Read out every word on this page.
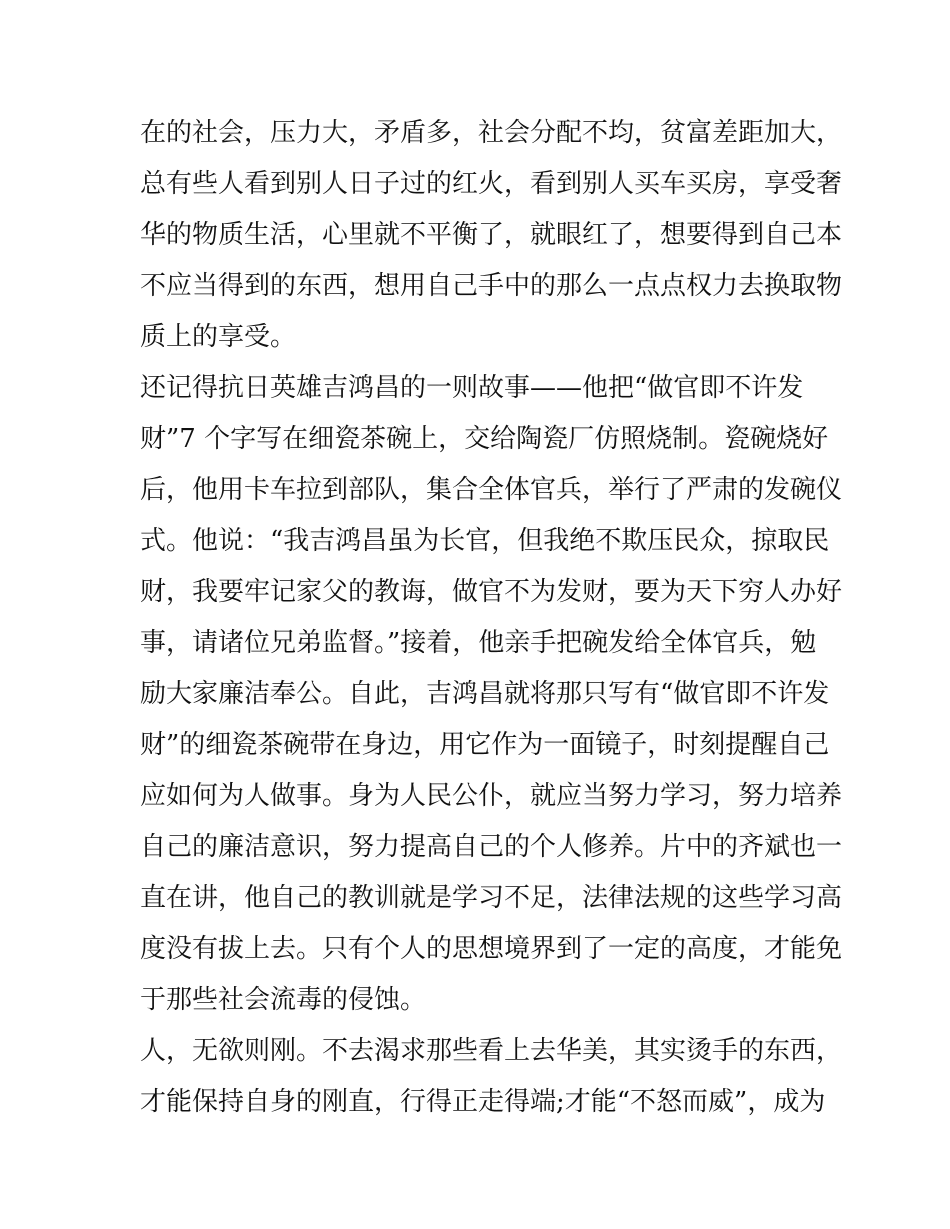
在的社会，压力大，矛盾多，社会分配不均，贫富差距加大，
总有些人看到别人日子过的红火，看到别人买车买房，享受奢
华的物质生活，心里就不平衡了，就眼红了，想要得到自己本
不应当得到的东西，想用自己手中的那么一点点权力去换取物
质上的享受。
还记得抗日英雄吉鸿昌的一则故事——他把“做官即不许发
财”7 个字写在细瓷茶碗上，交给陶瓷厂仿照烧制。瓷碗烧好
后，他用卡车拉到部队，集合全体官兵，举行了严肃的发碗仪
式。他说：“我吉鸿昌虽为长官，但我绝不欺压民众，掠取民
财，我要牢记家父的教诲，做官不为发财，要为天下穷人办好
事，请诸位兄弟监督。”接着，他亲手把碗发给全体官兵，勉
励大家廉洁奉公。自此，吉鸿昌就将那只写有“做官即不许发
财”的细瓷茶碗带在身边，用它作为一面镜子，时刻提醒自己
应如何为人做事。身为人民公仆，就应当努力学习，努力培养
自己的廉洁意识，努力提高自己的个人修养。片中的齐斌也一
直在讲，他自己的教训就是学习不足，法律法规的这些学习高
度没有拔上去。只有个人的思想境界到了一定的高度，才能免
于那些社会流毒的侵蚀。
人，无欲则刚。不去渴求那些看上去华美，其实烫手的东西，
才能保持自身的刚直，行得正走得端;才能“不怒而威”，成为
